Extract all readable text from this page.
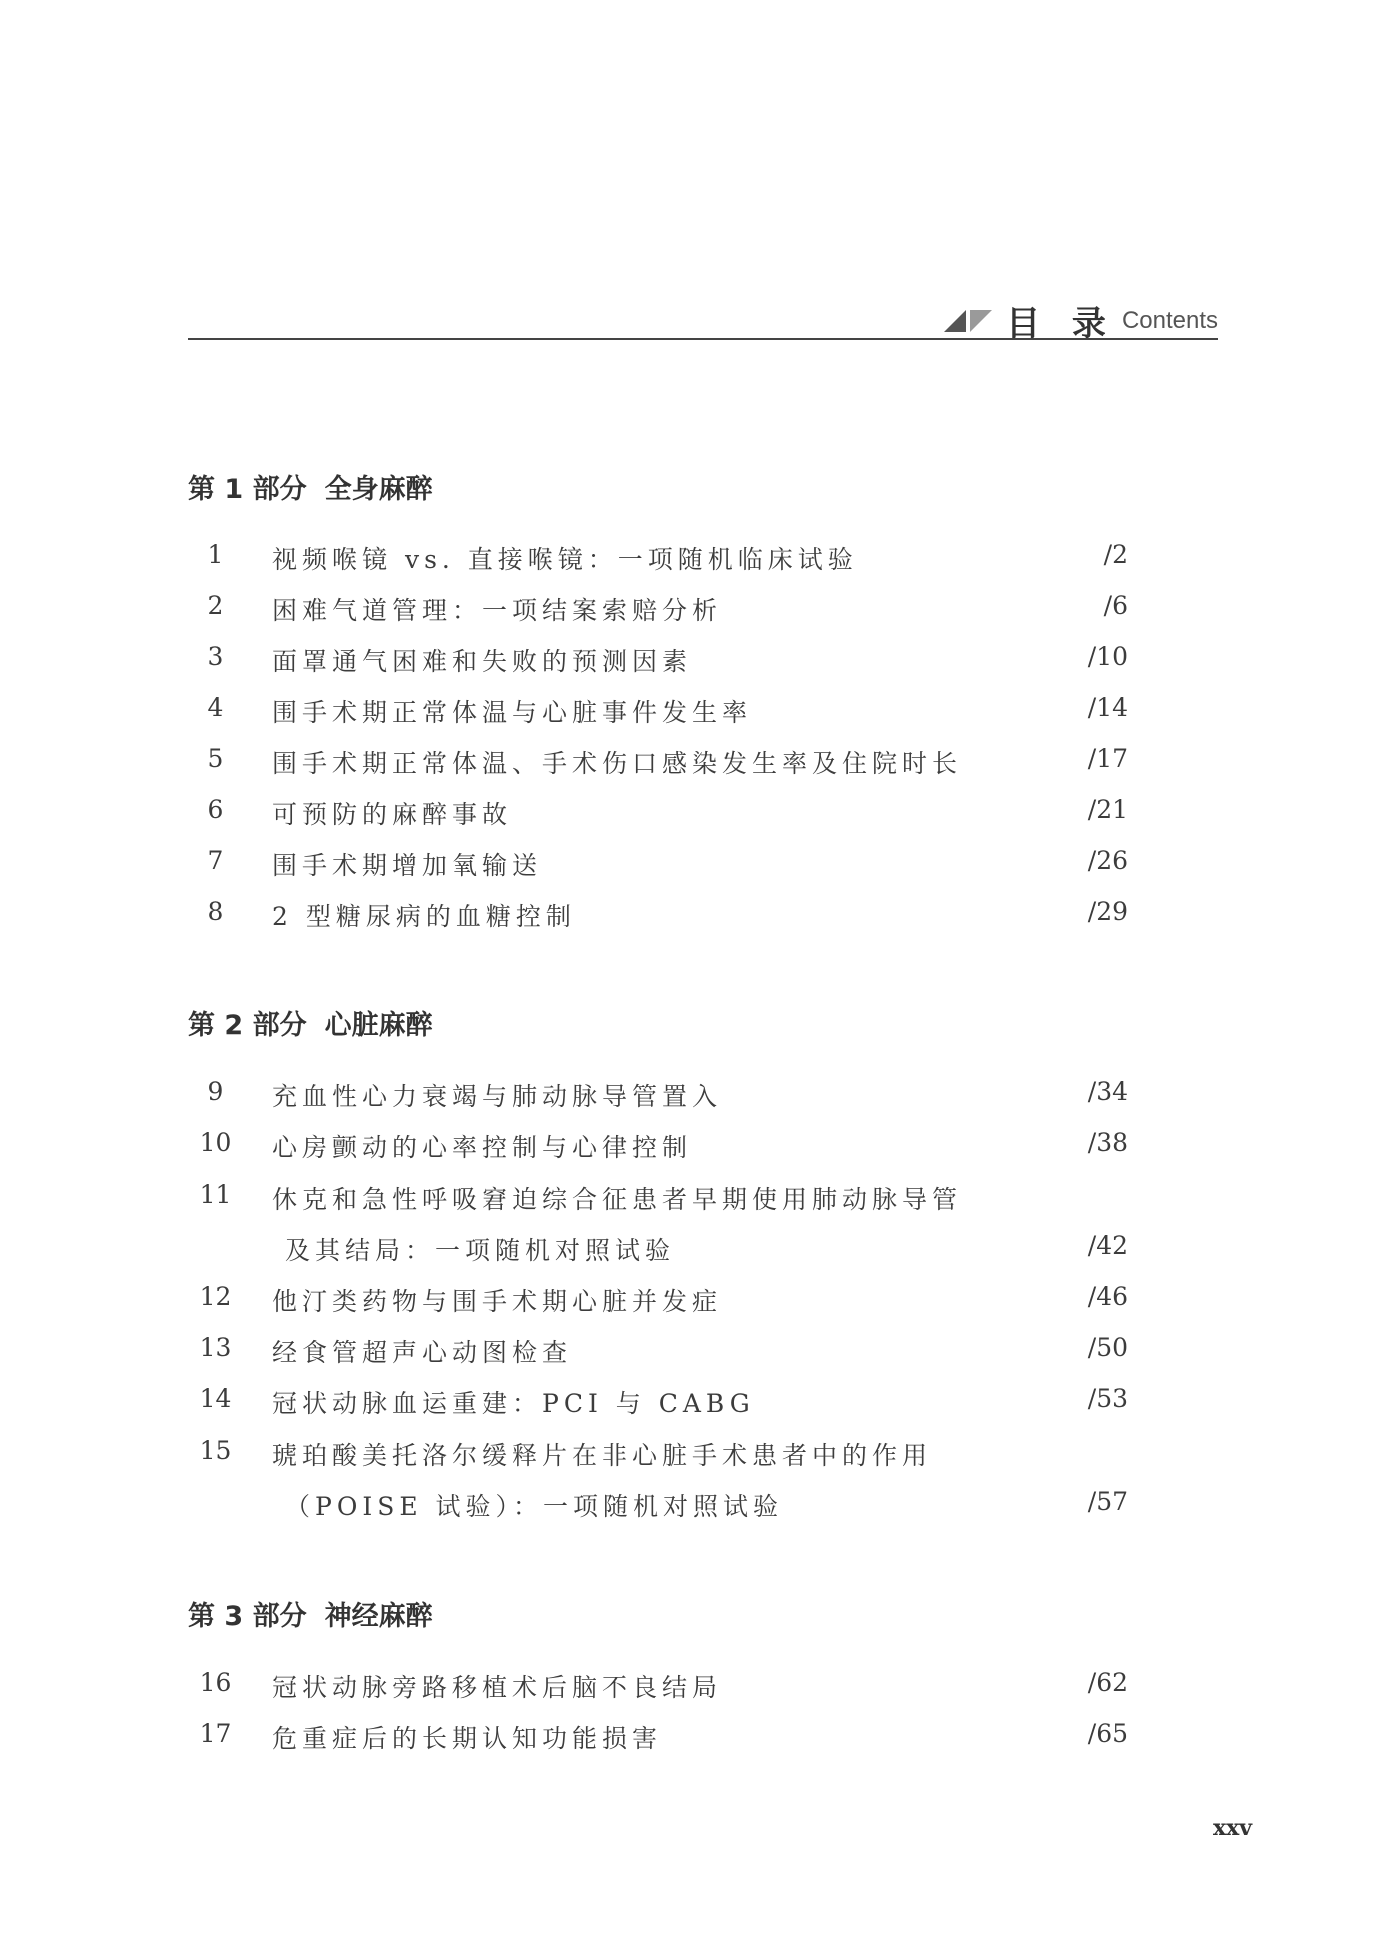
目 录 Contents
第 1 部分 全身麻醉
1	视频喉镜 vs. 直接喉镜：一项随机临床试验	/2
2	困难气道管理：一项结案索赔分析	/6
3	面罩通气困难和失败的预测因素	/10
4	围手术期正常体温与心脏事件发生率	/14
5	围手术期正常体温、手术伤口感染发生率及住院时长	/17
6	可预防的麻醉事故	/21
7	围手术期增加氧输送	/26
8	2 型糖尿病的血糖控制	/29
第 2 部分 心脏麻醉
9	充血性心力衰竭与肺动脉导管置入	/34
10	心房颤动的心率控制与心律控制	/38
11	休克和急性呼吸窘迫综合征患者早期使用肺动脉导管
及其结局：一项随机对照试验	/42
12	他汀类药物与围手术期心脏并发症	/46
13	经食管超声心动图检查	/50
14	冠状动脉血运重建：PCI 与 CABG	/53
15	琥珀酸美托洛尔缓释片在非心脏手术患者中的作用
（POISE 试验）：一项随机对照试验	/57
第 3 部分 神经麻醉
16	冠状动脉旁路移植术后脑不良结局	/62
17	危重症后的长期认知功能损害	/65
xxv
